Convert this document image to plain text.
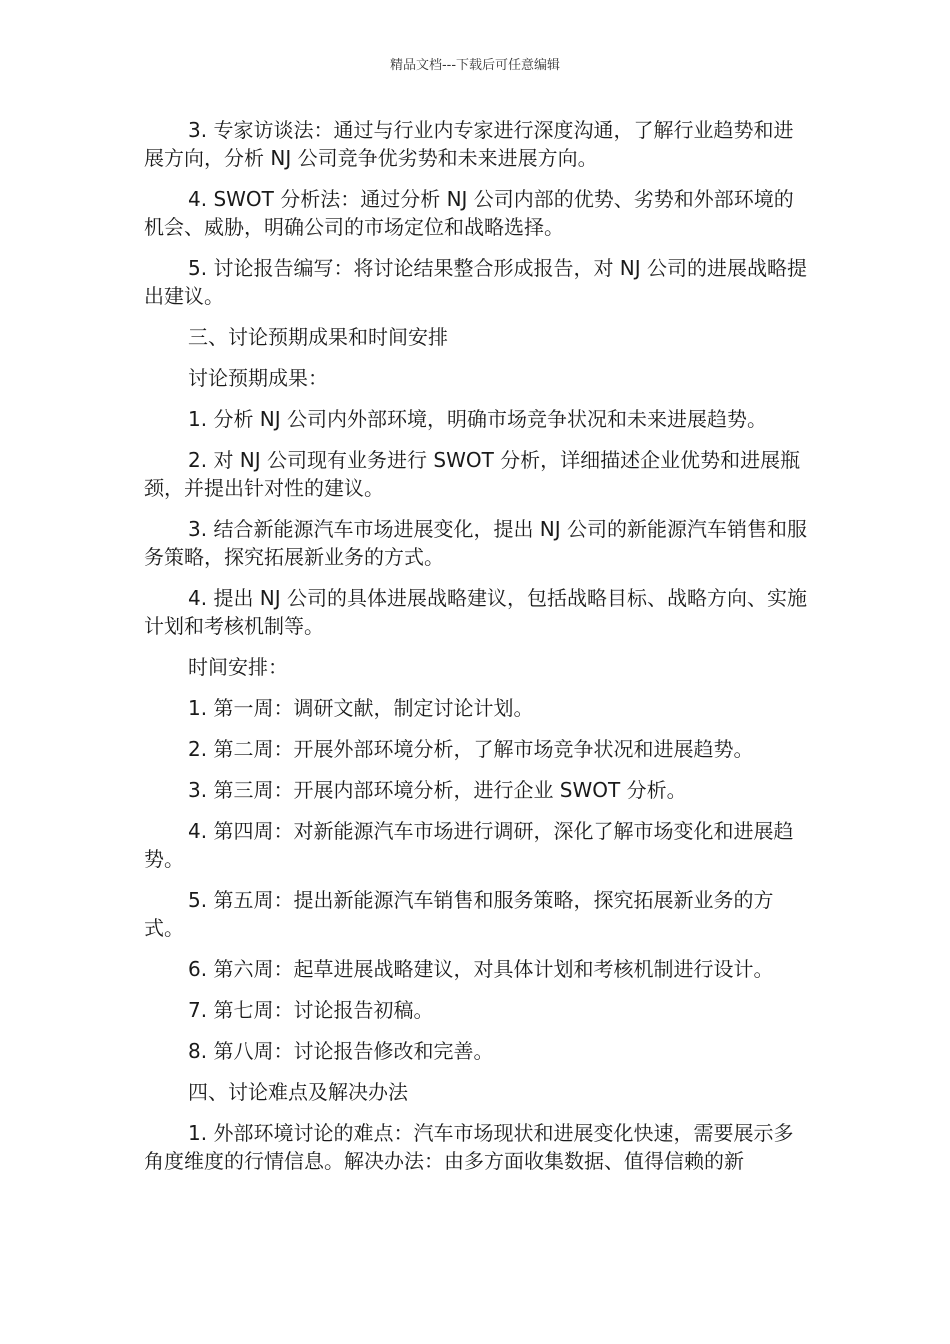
精品文档---下载后可任意编辑

3. 专家访谈法：通过与行业内专家进行深度沟通，了解行业趋势和进展方向，分析 NJ 公司竞争优劣势和未来进展方向。

4. SWOT 分析法：通过分析 NJ 公司内部的优势、劣势和外部环境的机会、威胁，明确公司的市场定位和战略选择。

5. 讨论报告编写：将讨论结果整合形成报告，对 NJ 公司的进展战略提出建议。

三、讨论预期成果和时间安排

讨论预期成果：

1. 分析 NJ 公司内外部环境，明确市场竞争状况和未来进展趋势。

2. 对 NJ 公司现有业务进行 SWOT 分析，详细描述企业优势和进展瓶颈，并提出针对性的建议。

3. 结合新能源汽车市场进展变化，提出 NJ 公司的新能源汽车销售和服务策略，探究拓展新业务的方式。

4. 提出 NJ 公司的具体进展战略建议，包括战略目标、战略方向、实施计划和考核机制等。

时间安排：

1. 第一周：调研文献，制定讨论计划。

2. 第二周：开展外部环境分析，了解市场竞争状况和进展趋势。

3. 第三周：开展内部环境分析，进行企业 SWOT 分析。

4. 第四周：对新能源汽车市场进行调研，深化了解市场变化和进展趋势。

5. 第五周：提出新能源汽车销售和服务策略，探究拓展新业务的方式。

6. 第六周：起草进展战略建议，对具体计划和考核机制进行设计。

7. 第七周：讨论报告初稿。

8. 第八周：讨论报告修改和完善。

四、讨论难点及解决办法

1. 外部环境讨论的难点：汽车市场现状和进展变化快速，需要展示多角度维度的行情信息。解决办法：由多方面收集数据、值得信赖的新
